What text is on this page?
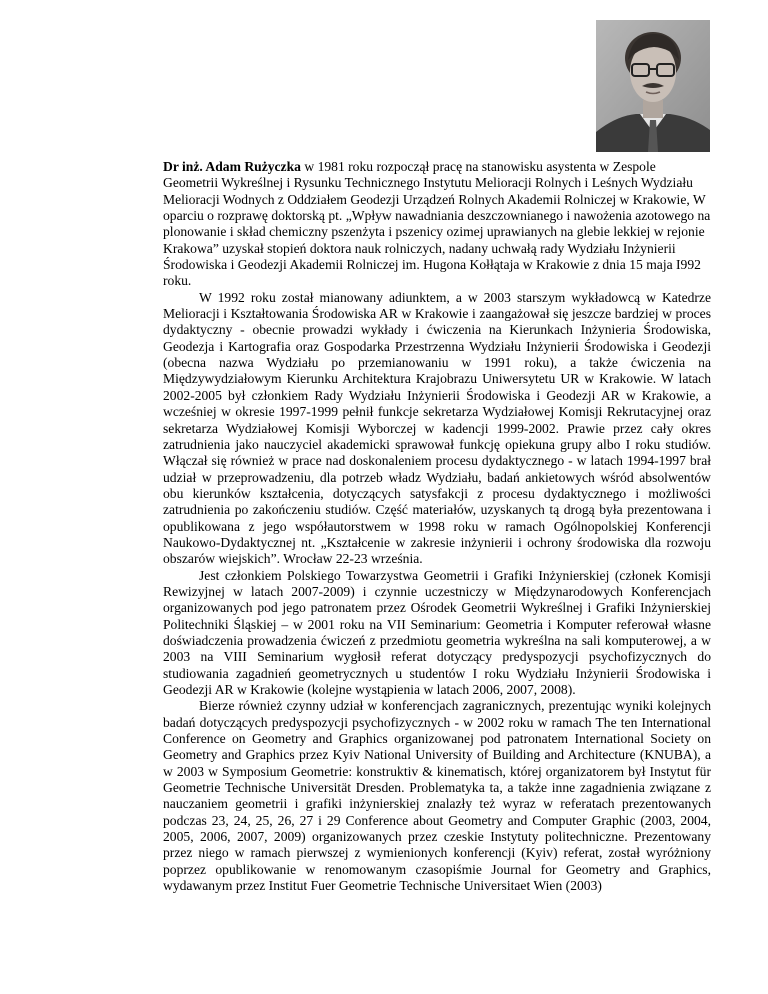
Dr inż. Adam Rużyczka w 1981 roku rozpoczął pracę na stanowisku asystenta w Zespole Geometrii Wykreślnej i Rysunku Technicznego Instytutu Melioracji Rolnych i Leśnych Wydziału Melioracji Wodnych z Oddziałem Geodezji Urządzeń Rolnych Akademii Rolniczej w Krakowie, W oparciu o rozprawę doktorską pt. „Wpływ nawadniania deszczownianego i nawożenia azotowego na plonowanie i skład chemiczny pszenżyta i pszenicy ozimej uprawianych na glebie lekkiej w rejonie Krakowa” uzyskał stopień doktora nauk rolniczych, nadany uchwałą rady Wydziału Inżynierii Środowiska i Geodezji Akademii Rolniczej im. Hugona Kołłątaja w Krakowie z dnia 15 maja I992 roku.

W 1992 roku został mianowany adiunktem, a w 2003 starszym wykładowcą w Katedrze Melioracji i Kształtowania Środowiska AR w Krakowie i zaangażował się jeszcze bardziej w proces dydaktyczny - obecnie prowadzi wykłady i ćwiczenia na Kierunkach Inżynieria Środowiska, Geodezja i Kartografia oraz Gospodarka Przestrzenna Wydziału Inżynierii Środowiska i Geodezji (obecna nazwa Wydziału po przemianowaniu w 1991 roku), a także ćwiczenia na Międzywydziałowym Kierunku Architektura Krajobrazu Uniwersytetu UR w Krakowie. W latach 2002-2005 był członkiem Rady Wydziału Inżynierii Środowiska i Geodezji AR w Krakowie, a wcześniej w okresie 1997-1999 pełnił funkcje sekretarza Wydziałowej Komisji Rekrutacyjnej oraz sekretarza Wydziałowej Komisji Wyborczej w kadencji 1999-2002. Prawie przez cały okres zatrudnienia jako nauczyciel akademicki sprawował funkcję opiekuna grupy albo I roku studiów. Włączał się również w prace nad doskonaleniem procesu dydaktycznego - w latach 1994-1997 brał udział w przeprowadzeniu, dla potrzeb władz Wydziału, badań ankietowych wśród absolwentów obu kierunków kształcenia, dotyczących satysfakcji z procesu dydaktycznego i możliwości zatrudnienia po zakończeniu studiów. Część materiałów, uzyskanych tą drogą była prezentowana i opublikowana z jego współautorstwem w 1998 roku w ramach Ogólnopolskiej Konferencji Naukowo-Dydaktycznej nt. „Kształcenie w zakresie inżynierii i ochrony środowiska dla rozwoju obszarów wiejskich”. Wrocław 22-23 września.

Jest członkiem Polskiego Towarzystwa Geometrii i Grafiki Inżynierskiej (członek Komisji Rewizyjnej w latach 2007-2009) i czynnie uczestniczy w Międzynarodowych Konferencjach organizowanych pod jego patronatem przez Ośrodek Geometrii Wykreślnej i Grafiki Inżynierskiej Politechniki Śląskiej – w 2001 roku na VII Seminarium: Geometria i Komputer referował własne doświadczenia prowadzenia ćwiczeń z przedmiotu geometria wykreślna na sali komputerowej, a w 2003 na VIII Seminarium wygłosił referat dotyczący predyspozycji psychofizycznych do studiowania zagadnień geometrycznych u studentów I roku Wydziału Inżynierii Środowiska i Geodezji AR w Krakowie (kolejne wystąpienia w latach 2006, 2007, 2008).

Bierze również czynny udział w konferencjach zagranicznych, prezentując wyniki kolejnych badań dotyczących predyspozycji psychofizycznych - w 2002 roku w ramach The ten International Conference on Geometry and Graphics organizowanej pod patronatem International Society on Geometry and Graphics przez Kyiv National University of Building and Architecture (KNUBA), a w 2003 w Symposium Geometrie: konstruktiv & kinematisch, której organizatorem był Instytut für Geometrie Technische Universität Dresden. Problematyka ta, a także inne zagadnienia związane z nauczaniem geometrii i grafiki inżynierskiej znalazły też wyraz w referatach prezentowanych podczas 23, 24, 25, 26, 27 i 29 Conference about Geometry and Computer Graphic (2003, 2004, 2005, 2006, 2007, 2009) organizowanych przez czeskie Instytuty politechniczne. Prezentowany przez niego w ramach pierwszej z wymienionych konferencji (Kyiv) referat, został wyróżniony poprzez opublikowanie w renomowanym czasopiśmie Journal for Geometry and Graphics, wydawanym przez Institut Fuer Geometrie Technische Universitaet Wien (2003)
